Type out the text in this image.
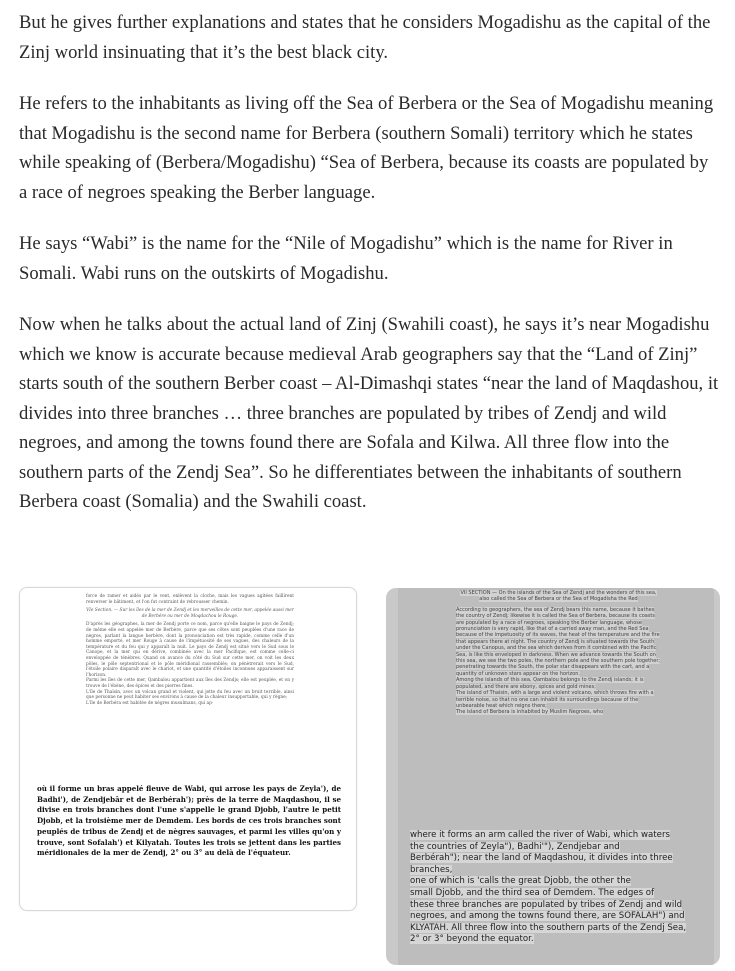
But he gives further explanations and states that he considers Mogadishu as the capital of the Zinj world insinuating that it’s the best black city.

He refers to the inhabitants as living off the Sea of Berbera or the Sea of Mogadishu meaning that Mogadishu is the second name for Berbera (southern Somali) territory which he states while speaking of (Berbera/Mogadishu) “Sea of Berbera, because its coasts are populated by a race of negroes speaking the Berber language.

He says “Wabi” is the name for the “Nile of Mogadishu” which is the name for River in Somali. Wabi runs on the outskirts of Mogadishu.

Now when he talks about the actual land of Zinj (Swahili coast), he says it’s near Mogadishu which we know is accurate because medieval Arab geographers say that the “Land of Zinj” starts south of the southern Berber coast – Al-Dimashqi states “near the land of Maqdashou, it divides into three branches … three branches are populated by tribes of Zendj and wild negroes, and among the towns found there are Sofala and Kilwa. All three flow into the southern parts of the Zendj Sea”. So he differentiates between the inhabitants of southern Berbera coast (Somalia) and the Swahili coast.

force de ramer et aidés par le vent, enlèvent la cloche, mais les vagues agitées faillirent renverser le bâtiment, et l'on fut contraint de rebrousser chemin.
VIe Section. — Sur les îles de la mer de Zendj et les merveilles de cette mer, appelée aussi mer de Berbère ou mer de Moqdachou le Rouge.
D'après les géographes, la mer de Zendj porte ce nom, parce qu'elle baigne le pays de Zendj; de même elle est appelée mer de Berbère, parce que ses côtes sont peuplées d'une race de nègres, parlant la langue berbère, dont la prononciation est très rapide, comme celle d'un homme emporté, et mer Rouge à cause de l'impétuosité de ses vagues, des chaleurs de la température et du feu qui y apparaît la nuit. Le pays de Zendj est situé vers le Sud sous le Canope, et la mer qui en dérive, combinée avec la mer Pacifique, est comme celle-ci enveloppée de ténèbres. Quand on avance du côté du Sud sur cette mer, on voit les deux pôles, le pôle septentrional et le pôle méridional rassemblés; on pénètrerait vers le Sud, l'étoile polaire disparaît avec le chariot, et une quantité d'étoiles inconnues apparaissent sur l'horizon.
Parmi les îles de cette mer, Qambalou appartient aux îles des Zendjs; elle est peuplée, et on y trouve de l'ébène, des épices et des pierres fines.
L'île de Thaïsin, avec un volcan grand et violent, qui jette du feu avec un bruit terrible, ainsi que personne ne peut habiter ses environs à cause de la chaleur insupportable, qui y règne;
L'île de Berbéra est habitée de nègres musulmans, qui ap-
où il forme un bras appelé fleuve de Wabi, qui arrose les pays de Zeyla'), de Badhi'), de Zendjebâr et de Berbérah'); près de la terre de Maqdashou, il se divise en trois branches dont l'une s'appelle le grand Djobb, l'autre le petit Djobb, et la troisième mer de Demdem. Les bords de ces trois branches sont peuplés de tribus de Zendj et de nègres sauvages, et parmi les villes qu'on y trouve, sont Sofalah') et Kilyatah. Toutes les trois se jettent dans les parties méridionales de la mer de Zendj, 2° ou 3° au delà de l'équateur.
VII SECTION — On the islands of the Sea of Zendj and the wonders of this sea, also called the Sea of Berbera or the Sea of Mogadisha the Red
According to geographers, the sea of Zendj bears this name, because it bathes the country of Zendj; likewise it is called the Sea of Berbera, because its coasts are populated by a race of negroes, speaking the Berber language, whose pronunciation is very rapid, like that of a carried away man, and the Red Sea because of the impetuosity of its waves, the heat of the temperature and the fire that appears there at night. The country of Zendj is situated towards the South under the Canopus, and the sea which derives from it combined with the Pacific Sea, is like this enveloped in darkness. When we advance towards the South on this sea, we see the two poles, the northern pole and the southern pole together; penetrating towards the South, the polar star disappears with the cart, and a quantity of unknown stars appear on the horizon.
Among the islands of this sea, Qambalou belongs to the Zendj islands; it is populated, and there are ebony, spices and gold mines;
The island of Thaisin, with a large and violent volcano, which throws fire with a terrible noise, so that no one can inhabit its surroundings because of the unbearable heat which reigns there;
The island of Berbera is inhabited by Muslim Negroes, who
where it forms an arm called the river of Wabi, which waters
the countries of Zeyla"), Badhi'"), Zendjebar and
Berbérah"); near the land of Maqdashou, it divides into three branches,
one of which is 'calls the great Djobb, the other the
small Djobb, and the third sea of Demdem. The edges of
these three branches are populated by tribes of Zendj and wild
negroes, and among the towns found there, are SOFALAH") and
KLYATAH. All three flow into the southern parts of the Zendj Sea,
2° or 3° beyond the equator.
